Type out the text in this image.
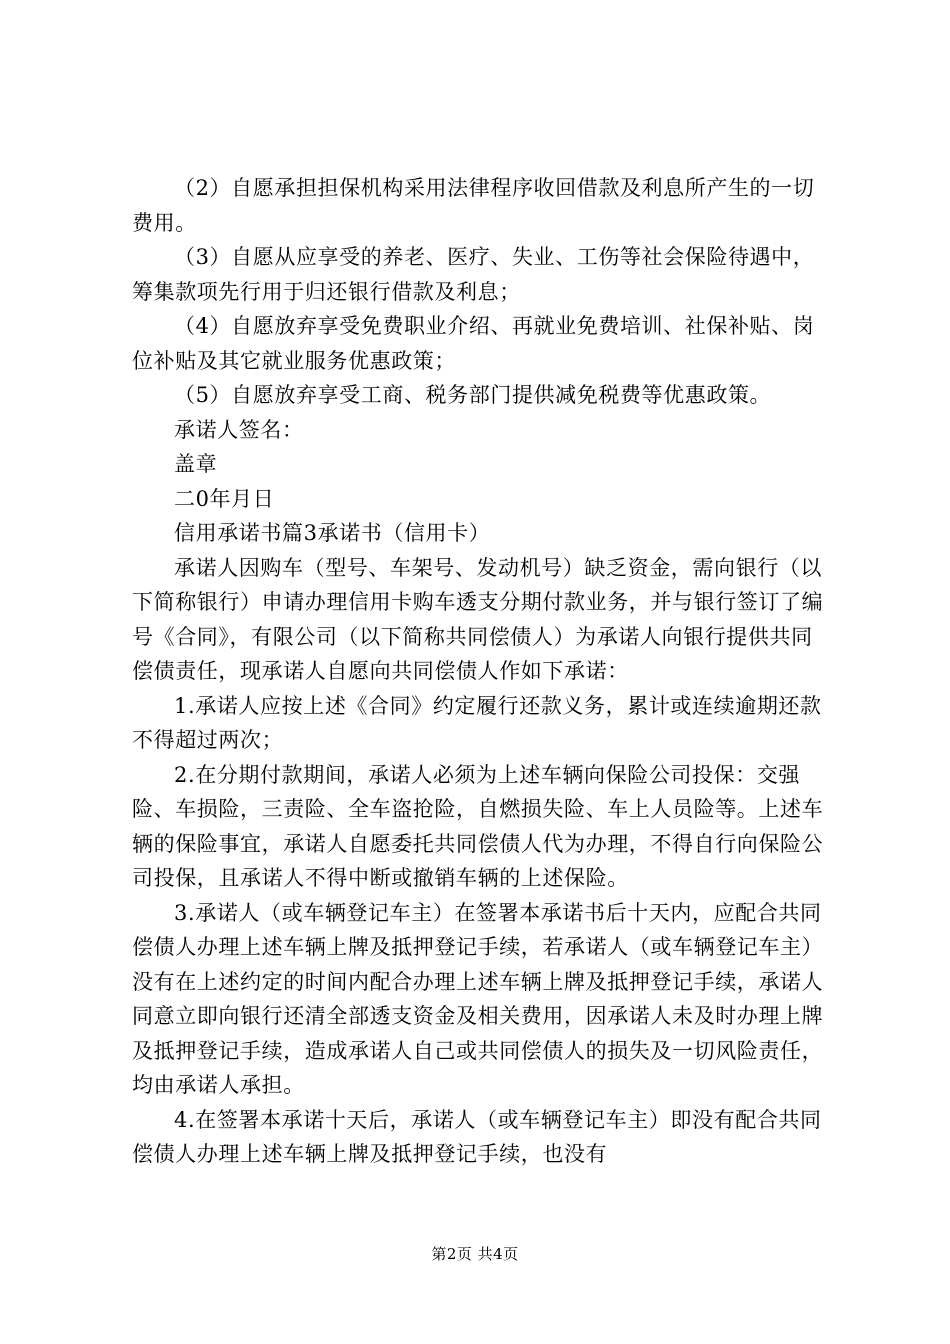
（2）自愿承担担保机构采用法律程序收回借款及利息所产生的一切费用。

（3）自愿从应享受的养老、医疗、失业、工伤等社会保险待遇中，筹集款项先行用于归还银行借款及利息；

（4）自愿放弃享受免费职业介绍、再就业免费培训、社保补贴、岗位补贴及其它就业服务优惠政策；

（5）自愿放弃享受工商、税务部门提供减免税费等优惠政策。

承诺人签名：

盖章

二0年月日

信用承诺书篇3承诺书（信用卡）

承诺人因购车（型号、车架号、发动机号）缺乏资金，需向银行（以下简称银行）申请办理信用卡购车透支分期付款业务，并与银行签订了编号《合同》，有限公司（以下简称共同偿债人）为承诺人向银行提供共同偿债责任，现承诺人自愿向共同偿债人作如下承诺：

1.承诺人应按上述《合同》约定履行还款义务，累计或连续逾期还款不得超过两次；

2.在分期付款期间，承诺人必须为上述车辆向保险公司投保：交强险、车损险，三责险、全车盗抢险，自燃损失险、车上人员险等。上述车辆的保险事宜，承诺人自愿委托共同偿债人代为办理，不得自行向保险公司投保，且承诺人不得中断或撤销车辆的上述保险。

3.承诺人（或车辆登记车主）在签署本承诺书后十天内，应配合共同偿债人办理上述车辆上牌及抵押登记手续，若承诺人（或车辆登记车主）没有在上述约定的时间内配合办理上述车辆上牌及抵押登记手续，承诺人同意立即向银行还清全部透支资金及相关费用，因承诺人未及时办理上牌及抵押登记手续，造成承诺人自己或共同偿债人的损失及一切风险责任，均由承诺人承担。

4.在签署本承诺十天后，承诺人（或车辆登记车主）即没有配合共同偿债人办理上述车辆上牌及抵押登记手续，也没有

第2页 共4页
